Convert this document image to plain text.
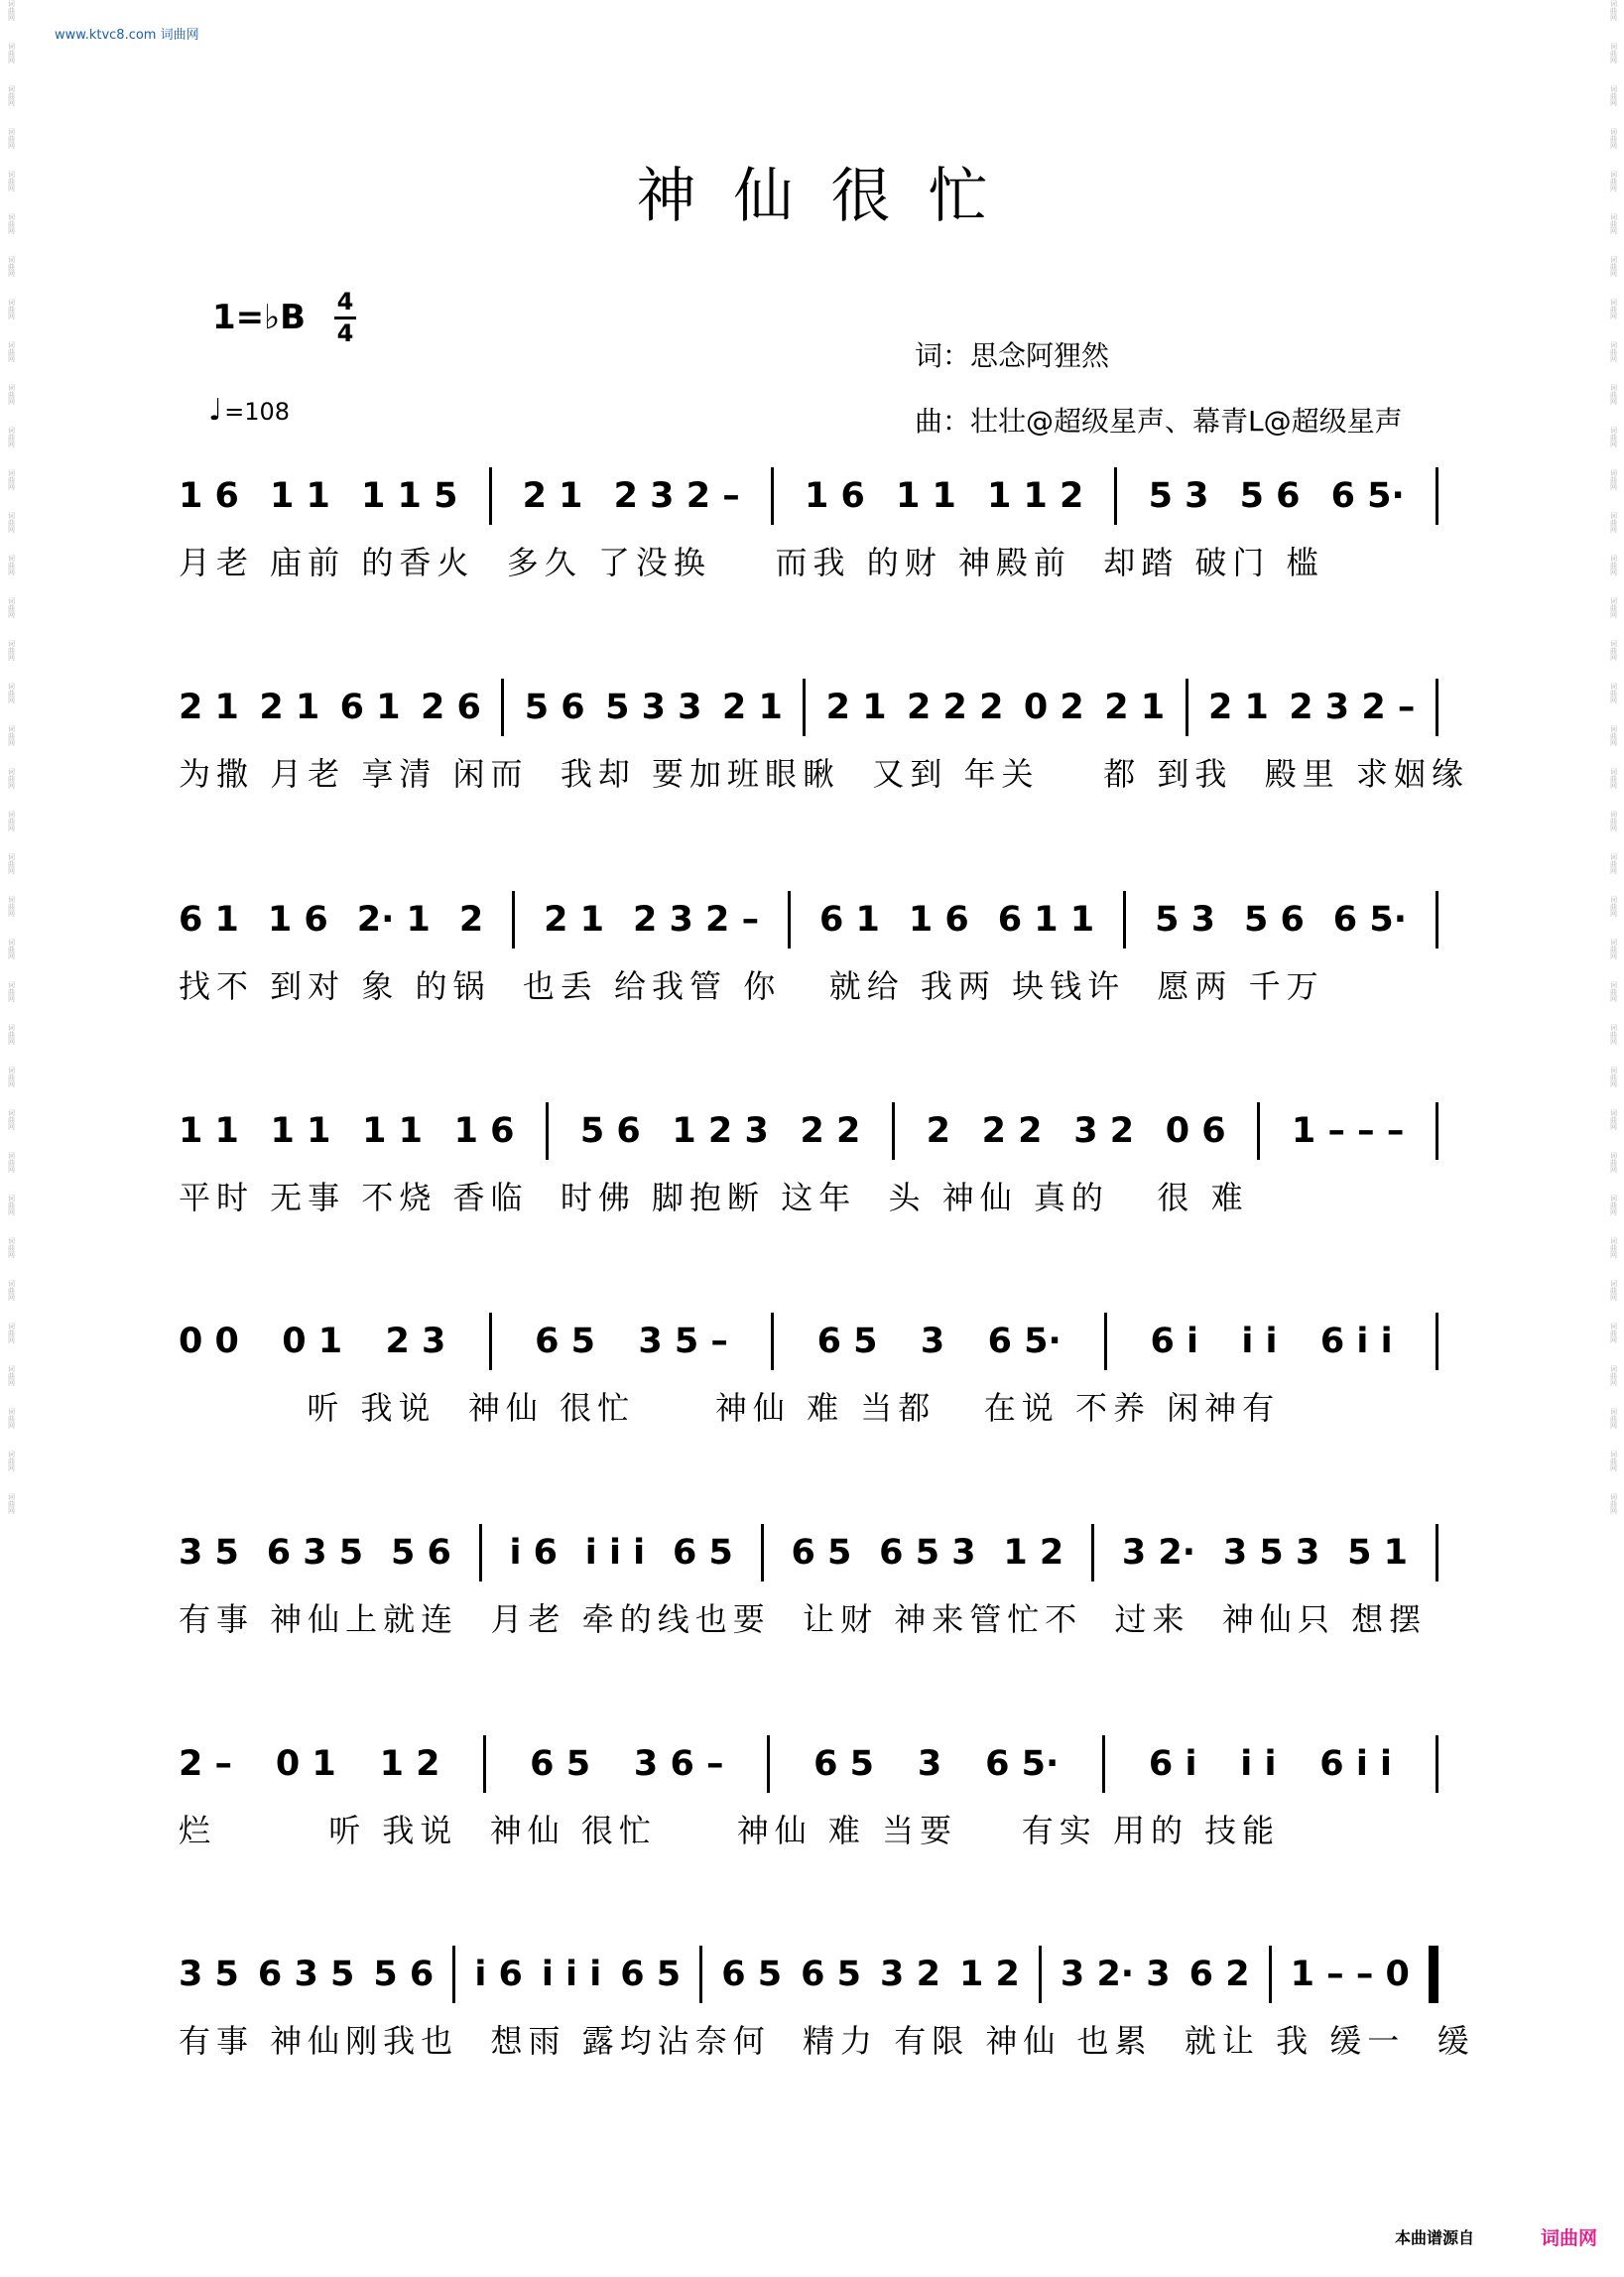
词曲网
词曲网
词曲网
词曲网
词曲网
词曲网
词曲网
词曲网
词曲网
词曲网
词曲网
词曲网
词曲网
词曲网
词曲网
词曲网
词曲网
词曲网
词曲网
词曲网
词曲网
词曲网
词曲网
词曲网
词曲网
词曲网
词曲网
词曲网
词曲网
词曲网
词曲网
词曲网
词曲网
词曲网
词曲网
词曲网
词曲网
词曲网
词曲网
词曲网
词曲网
词曲网
词曲网
词曲网
词曲网
词曲网
词曲网
词曲网
词曲网
词曲网
词曲网
词曲网
词曲网
词曲网
词曲网
词曲网
词曲网
词曲网
词曲网
词曲网
词曲网
词曲网
词曲网
词曲网
词曲网
词曲网
词曲网
词曲网
词曲网
词曲网
词曲网
词曲网
www.ktvc8.com 词曲网
神仙很忙
1=♭B 4
4
♩=108
词：思念阿狸然
曲：壮壮@超级星声、幕青L@超级星声
1 6 1 1 1 1 5 2 1 2 3 2 – 1 6 1 1 1 1 2 5 3 5 6 6 5·
月老 庙前 的香火  多久 了没换    而我 的财 神殿前  却踏 破门 槛
2 1 2 1 6 1 2 6 5 6 5 3 3 2 1 2 1 2 2 2 0 2 2 1 2 1 2 3 2 –
为撒 月老 享清 闲而  我却 要加班眼瞅  又到 年关    都 到我  殿里 求姻缘
6 1 1 6 2· 1 2 2 1 2 3 2 – 6 1 1 6 6 1 1 5 3 5 6 6 5·
找不 到对 象 的锅  也丢 给我管 你   就给 我两 块钱许  愿两 千万
1 1 1 1 1 1 1 6 5 6 1 2 3 2 2 2 2 2 3 2 0 6 1 – – –
平时 无事 不烧 香临  时佛 脚抱断 这年  头 神仙 真的   很 难
0 0 0 1 2 3	6 5 3 5 –	6 5 3 6 5·	6 i i i 6 i i
听 我说  神仙 很忙     神仙 难 当都   在说 不养 闲神有
3 5 6 3 5 5 6 i 6 i i i 6 5 6 5 6 5 3 1 2 3 2· 3 5 3 5 1
有事 神仙上就连  月老 牵的线也要  让财 神来管忙不  过来  神仙只 想摆
2 – 0 1 1 2	6 5 3 6 –	6 5 3 6 5·	6 i i i 6 i i
烂       听 我说  神仙 很忙     神仙 难 当要    有实 用的 技能
3 5 6 3 5 5 6 i 6 i i i 6 5 6 5 6 5 3 2 1 2 3 2· 3 6 2 1 – – 0
有事 神仙刚我也  想雨 露均沾奈何  精力 有限 神仙 也累  就让 我 缓一  缓
本曲谱源自	词曲网
